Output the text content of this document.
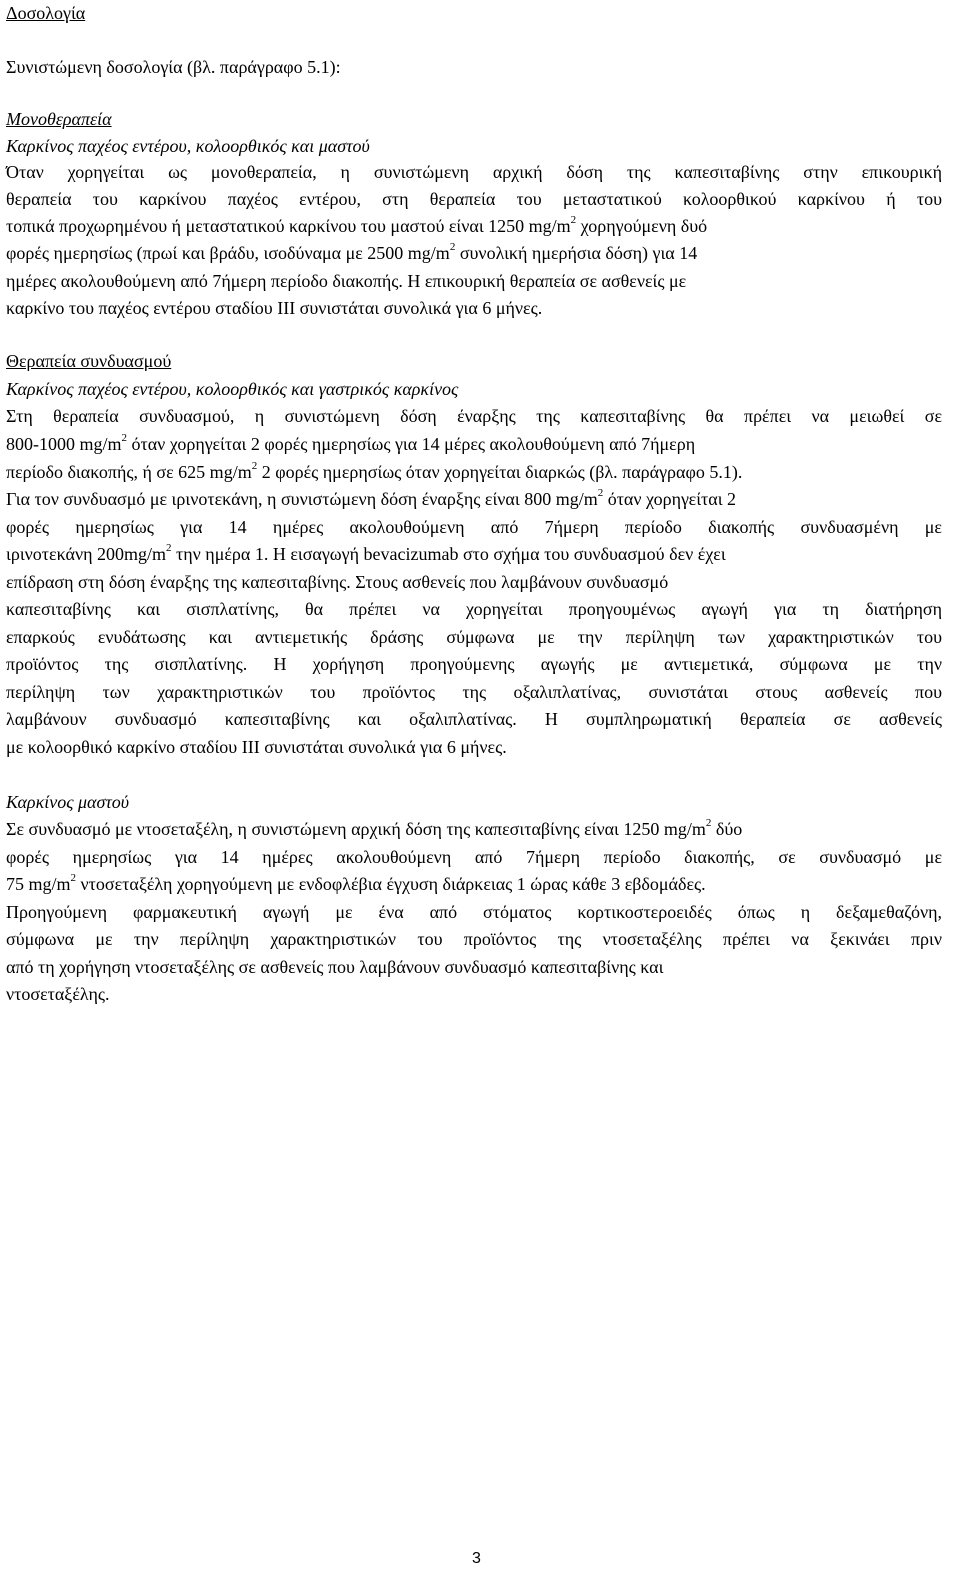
Δοσολογία
Συνιστώμενη δοσολογία (βλ. παράγραφο 5.1):
Μονοθεραπεία
Καρκίνος παχέος εντέρου, κολοορθικός και μαστού
Όταν χορηγείται ως μονοθεραπεία, η συνιστώμενη αρχική δόση της καπεσιταβίνης στην επικουρική
θεραπεία του καρκίνου παχέος εντέρου, στη θεραπεία του μεταστατικού κολοορθικού καρκίνου ή του
τοπικά προχωρημένου ή μεταστατικού καρκίνου του μαστού είναι 1250 $mg/m^2$ χορηγούμενη δυό
φορές ημερησίως (πρωί και βράδυ, ισοδύναμα με 2500 $mg/m^2$ συνολική ημερήσια δόση) για 14
ημέρες ακολουθούμενη από 7ήμερη περίοδο διακοπής. Η επικουρική θεραπεία σε ασθενείς με
καρκίνο του παχέος εντέρου σταδίου ΙΙΙ συνιστάται συνολικά για 6 μήνες.
Θεραπεία συνδυασμού
Καρκίνος παχέος εντέρου, κολοορθικός και γαστρικός καρκίνος
Στη θεραπεία συνδυασμού, η συνιστώμενη δόση έναρξης της καπεσιταβίνης θα πρέπει να μειωθεί σε
800-1000 $mg/m^2$ όταν χορηγείται 2 φορές ημερησίως για 14 μέρες ακολουθούμενη από 7ήμερη
περίοδο διακοπής, ή σε 625 $mg/m^2$ 2 φορές ημερησίως όταν χορηγείται διαρκώς (βλ. παράγραφο 5.1).
Για τον συνδυασμό με ιρινοτεκάνη, η συνιστώμενη δόση έναρξης είναι 800 $mg/m^2$ όταν χορηγείται 2
φορές ημερησίως για 14 ημέρες ακολουθούμενη από 7ήμερη περίοδο διακοπής συνδυασμένη με
ιρινοτεκάνη $200mg/m^2$ την ημέρα 1. Η εισαγωγή bevacizumab στο σχήμα του συνδυασμού δεν έχει
επίδραση στη δόση έναρξης της καπεσιταβίνης. Στους ασθενείς που λαμβάνουν συνδυασμό
καπεσιταβίνης και σισπλατίνης, θα πρέπει να χορηγείται προηγουμένως αγωγή για τη διατήρηση
επαρκούς ενυδάτωσης και αντιεμετικής δράσης σύμφωνα με την περίληψη των χαρακτηριστικών του
προϊόντος της σισπλατίνης. Η χορήγηση προηγούμενης αγωγής με αντιεμετικά, σύμφωνα με την
περίληψη των χαρακτηριστικών του προϊόντος της οξαλιπλατίνας, συνιστάται στους ασθενείς που
λαμβάνουν συνδυασμό καπεσιταβίνης και οξαλιπλατίνας. Η συμπληρωματική θεραπεία σε ασθενείς
με κολοορθικό καρκίνο σταδίου ΙΙΙ συνιστάται συνολικά για 6 μήνες.
Καρκίνος μαστού
Σε συνδυασμό με ντοσεταξέλη, η συνιστώμενη αρχική δόση της καπεσιταβίνης είναι 1250 $mg/m^2$ δύο
φορές ημερησίως για 14 ημέρες ακολουθούμενη από 7ήμερη περίοδο διακοπής, σε συνδυασμό με
75 $mg/m^2$ ντοσεταξέλη χορηγούμενη με ενδοφλέβια έγχυση διάρκειας 1 ώρας κάθε 3 εβδομάδες.
Προηγούμενη φαρμακευτική αγωγή με ένα από στόματος κορτικοστεροειδές όπως η δεξαμεθαζόνη,
σύμφωνα με την περίληψη χαρακτηριστικών του προϊόντος της ντοσεταξέλης πρέπει να ξεκινάει πριν
από τη χορήγηση ντοσεταξέλης σε ασθενείς που λαμβάνουν συνδυασμό καπεσιταβίνης και
ντοσεταξέλης.
3
